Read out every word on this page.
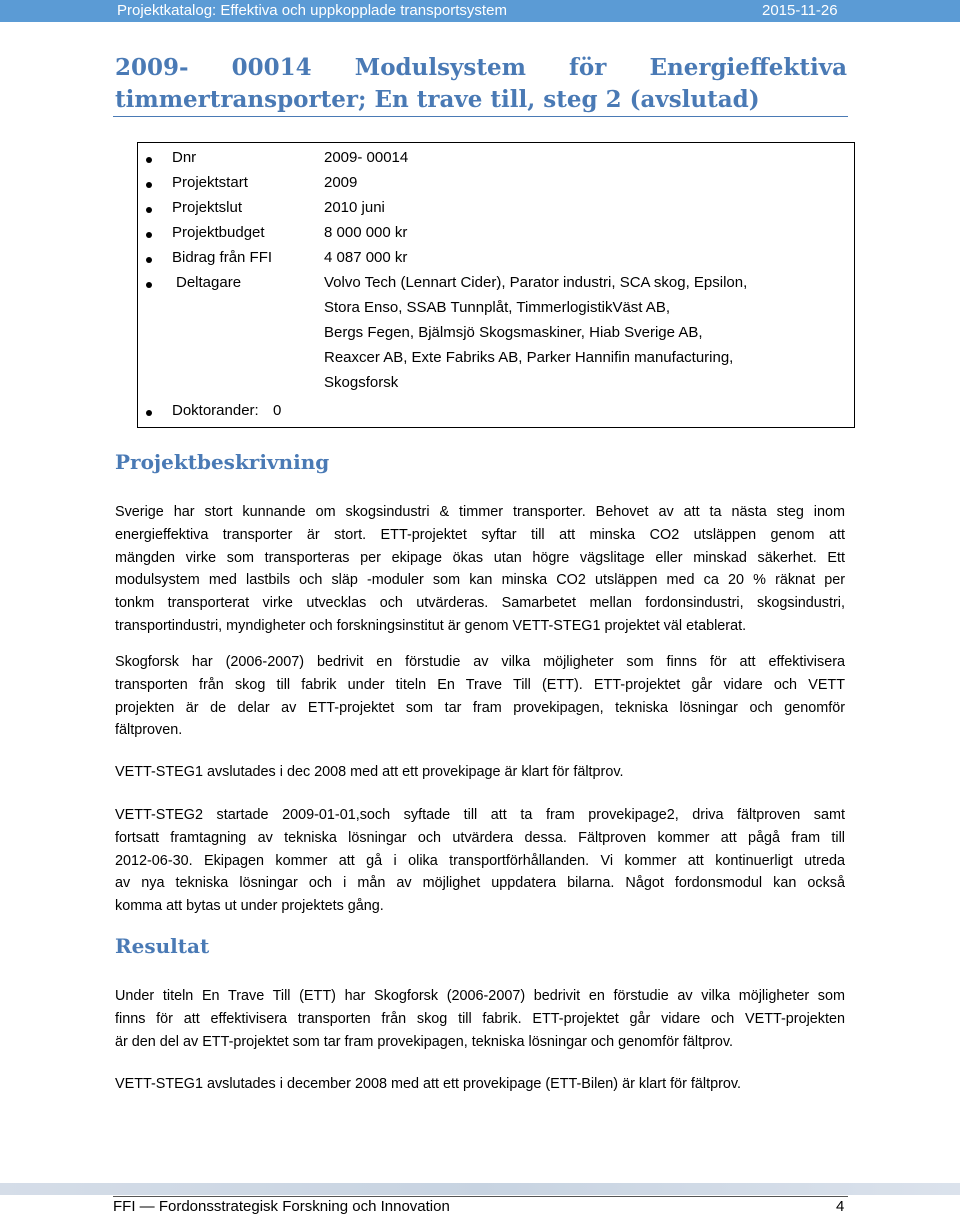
Projektkatalog: Effektiva och uppkopplade transportsystem	2015-11-26
2009- 00014 Modulsystem för Energieffektiva timmertransporter; En trave till, steg 2 (avslutad)
Dnr	2009- 00014
Projektstart	2009
Projektslut	2010 juni
Projektbudget	8 000 000 kr
Bidrag från FFI	4 087 000 kr
Deltagare	Volvo Tech (Lennart Cider), Parator industri, SCA skog, Epsilon,
Stora Enso, SSAB Tunnplåt, TimmerlogistikVäst AB,
Bergs Fegen, Bjälmsjö Skogsmaskiner, Hiab Sverige AB,
Reaxcer AB, Exte Fabriks AB, Parker Hannifin manufacturing,
Skogsforsk
Doktorander: 0
Projektbeskrivning
Sverige har stort kunnande om skogsindustri & timmer transporter. Behovet av att ta nästa steg inom
energieffektiva transporter är stort. ETT-projektet syftar till att minska CO2 utsläppen genom att
mängden virke som transporteras per ekipage ökas utan högre vägslitage eller minskad säkerhet. Ett
modulsystem med lastbils och släp -moduler som kan minska CO2 utsläppen med ca 20 % räknat per
tonkm transporterat virke utvecklas och utvärderas. Samarbetet mellan fordonsindustri, skogsindustri,
transportindustri, myndigheter och forskningsinstitut är genom VETT-STEG1 projektet väl etablerat.
Skogforsk har (2006-2007) bedrivit en förstudie av vilka möjligheter som finns för att effektivisera
transporten från skog till fabrik under titeln En Trave Till (ETT). ETT-projektet går vidare och VETT
projekten är de delar av ETT-projektet som tar fram provekipagen, tekniska lösningar och genomför
fältproven.
VETT-STEG1 avslutades i dec 2008 med att ett provekipage är klart för fältprov.
VETT-STEG2 startade 2009-01-01,soch syftade till att ta fram provekipage2, driva fältproven samt
fortsatt framtagning av tekniska lösningar och utvärdera dessa. Fältproven kommer att pågå fram till
2012-06-30. Ekipagen kommer att gå i olika transportförhållanden. Vi kommer att kontinuerligt utreda
av nya tekniska lösningar och i mån av möjlighet uppdatera bilarna. Något fordonsmodul kan också
komma att bytas ut under projektets gång.
Resultat
Under titeln En Trave Till (ETT) har Skogforsk (2006-2007) bedrivit en förstudie av vilka möjligheter som
finns för att effektivisera transporten från skog till fabrik. ETT-projektet går vidare och VETT-projekten
är den del av ETT-projektet som tar fram provekipagen, tekniska lösningar och genomför fältprov.
VETT-STEG1 avslutades i december 2008 med att ett provekipage (ETT-Bilen) är klart för fältprov.
FFI — Fordonsstrategisk Forskning och Innovation	4
